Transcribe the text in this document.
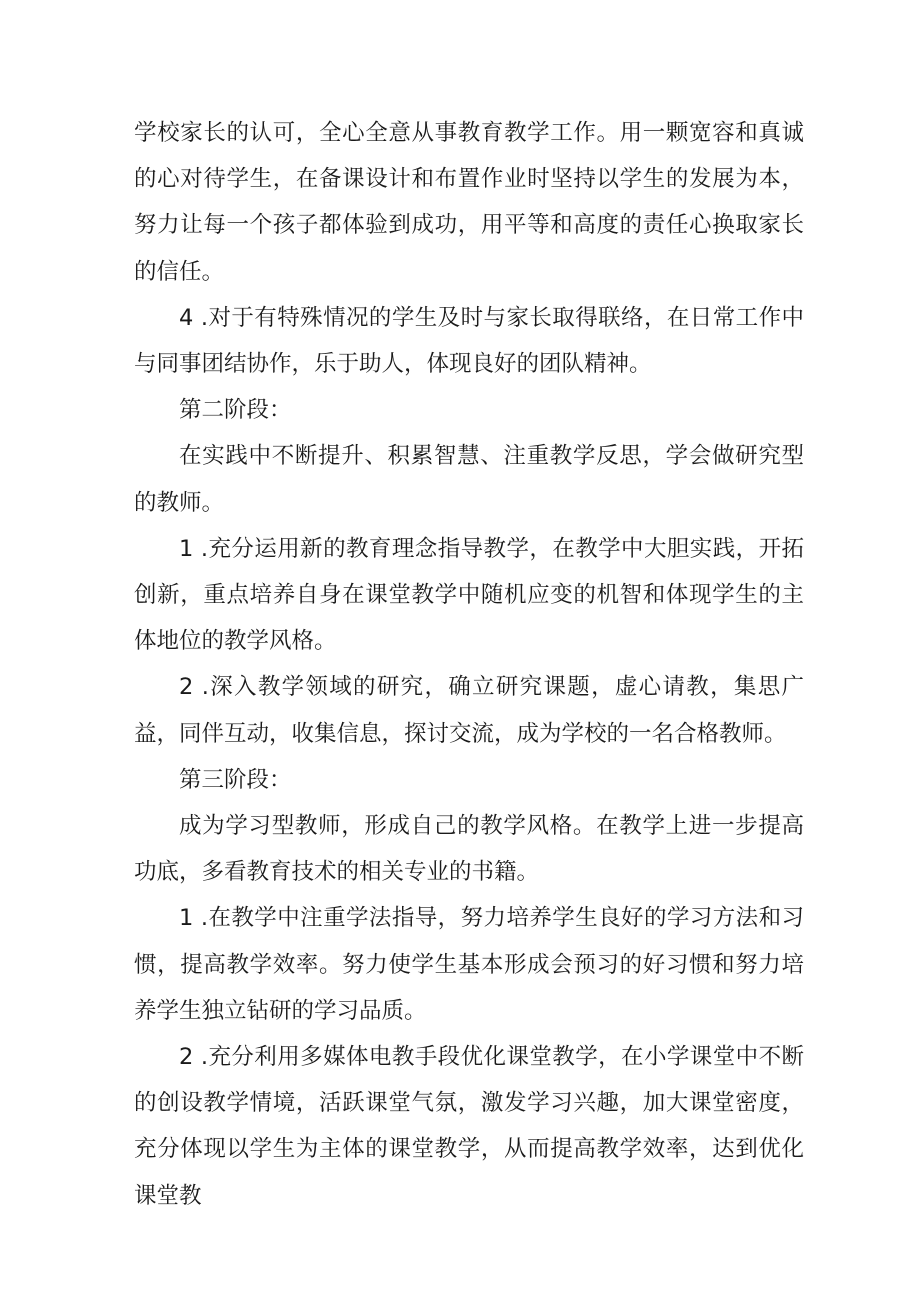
学校家长的认可，全心全意从事教育教学工作。用一颗宽容和真诚的心对待学生，在备课设计和布置作业时坚持以学生的发展为本，努力让每一个孩子都体验到成功，用平等和高度的责任心换取家长的信任。

4 .对于有特殊情况的学生及时与家长取得联络，在日常工作中与同事团结协作，乐于助人，体现良好的团队精神。

第二阶段：

在实践中不断提升、积累智慧、注重教学反思，学会做研究型的教师。

1 .充分运用新的教育理念指导教学，在教学中大胆实践，开拓创新，重点培养自身在课堂教学中随机应变的机智和体现学生的主体地位的教学风格。

2 .深入教学领域的研究，确立研究课题，虚心请教，集思广益，同伴互动，收集信息，探讨交流，成为学校的一名合格教师。

第三阶段：

成为学习型教师，形成自己的教学风格。在教学上进一步提高功底，多看教育技术的相关专业的书籍。

1 .在教学中注重学法指导，努力培养学生良好的学习方法和习惯，提高教学效率。努力使学生基本形成会预习的好习惯和努力培养学生独立钻研的学习品质。

2 .充分利用多媒体电教手段优化课堂教学，在小学课堂中不断的创设教学情境，活跃课堂气氛，激发学习兴趣，加大课堂密度，充分体现以学生为主体的课堂教学，从而提高教学效率，达到优化课堂教
